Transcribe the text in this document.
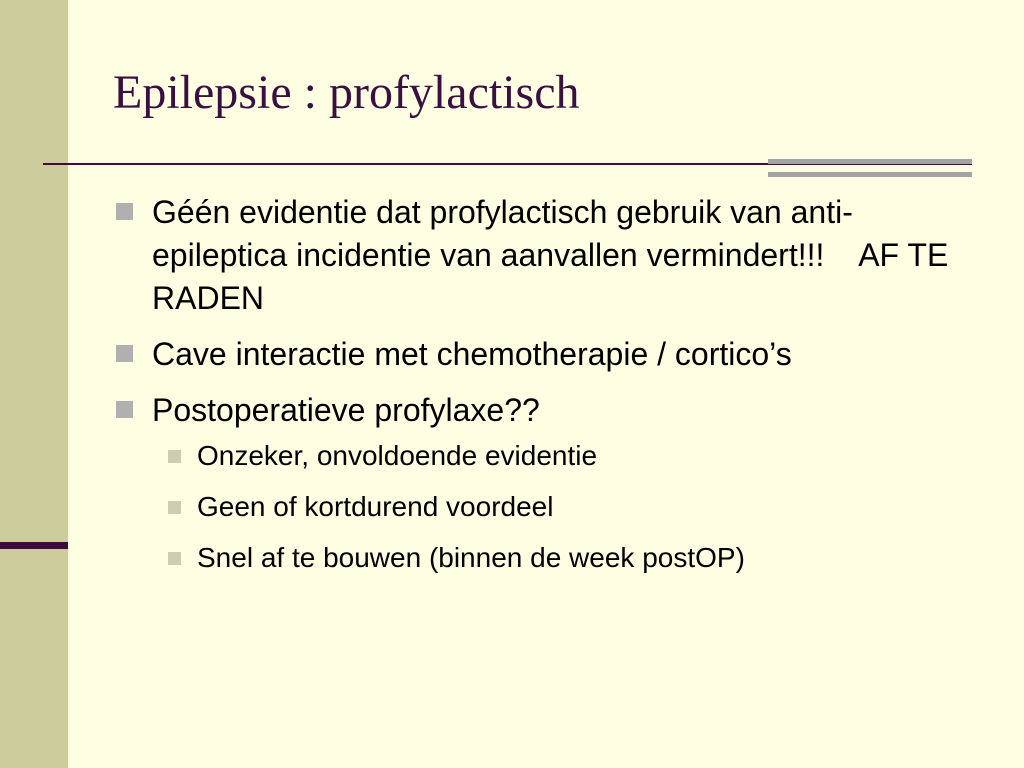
Epilepsie : profylactisch
Géén evidentie dat profylactisch gebruik van anti-epileptica incidentie van aanvallen vermindert!!!    AF TE RADEN
Cave interactie met chemotherapie / cortico’s
Postoperatieve profylaxe??
Onzeker, onvoldoende evidentie
Geen of kortdurend voordeel
Snel af te bouwen (binnen de week postOP)
